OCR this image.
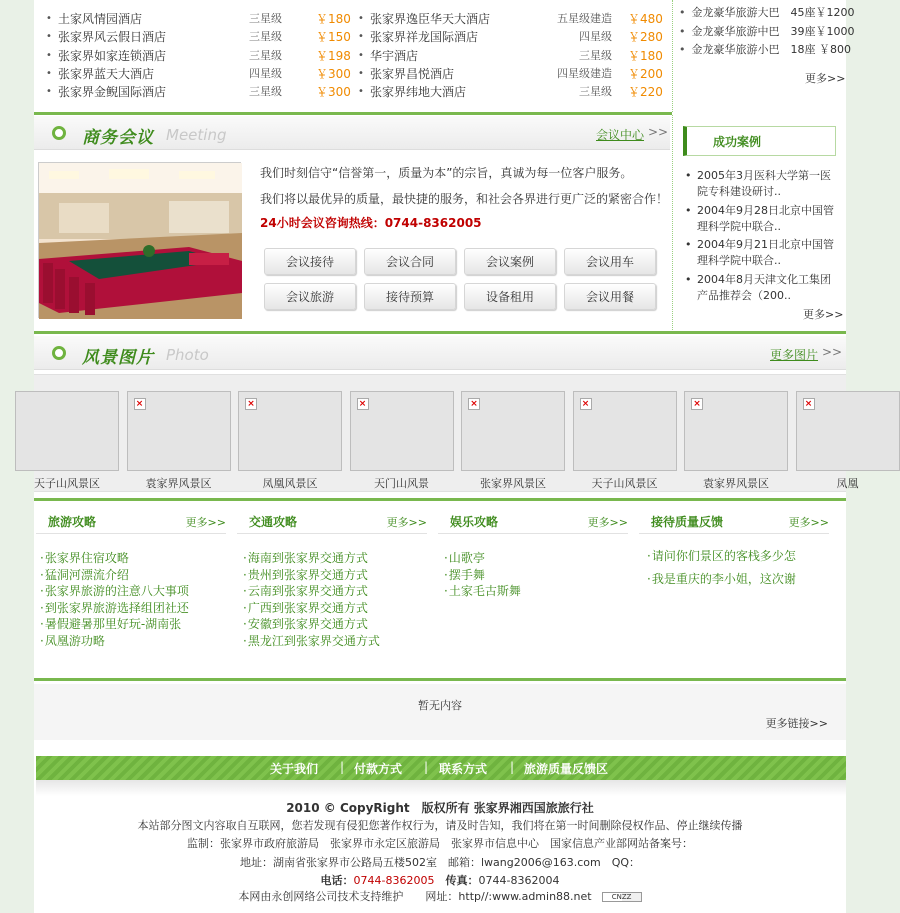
• 土家风情园酒店	三星级	￥180
• 张家界风云假日酒店	三星级	￥150
• 张家界如家连锁酒店	三星级	￥198
• 张家界蓝天大酒店	四星级	￥300
• 张家界金鲵国际酒店	三星级	￥300
• 张家界逸臣华天大酒店	五星级建造 ￥480
• 张家界祥龙国际酒店	四星级 ￥280
• 华宇酒店	三星级 ￥180
• 张家界昌悦酒店	四星级建造 ￥200
• 张家界纬地大酒店	三星级 ￥220
• 金龙豪华旅游大巴　45座￥1200
• 金龙豪华旅游中巴　39座￥1000
• 金龙豪华旅游小巴　18座 ￥800
更多>>
商务会议 Meeting	会议中心 >>
我们时刻信守“信誉第一，质量为本”的宗旨，真诚为每一位客户服务。
我们将以最优异的质量，最快捷的服务，和社会各界进行更广泛的紧密合作！
24小时会议咨询热线：0744-8362005
会议接待	会议合同	会议案例	会议用车
会议旅游	接待预算	设备租用	会议用餐
成功案例
• 2005年3月医科大学第一医院专科建设研讨..
• 2004年9月28日北京中国管理科学院中联合..
• 2004年9月21日北京中国管理科学院中联合..
• 2004年8月天津文化工集团产品推荐会（200..
更多>>
风景图片 Photo	更多图片 >>
天子山风景区
×
袁家界风景区
×
凤凰风景区
×
天门山风景
×
张家界风景区
×
天子山风景区
×
袁家界风景区
×
凤凰
旅游攻略	更多>>
· 张家界住宿攻略
· 猛洞河漂流介绍
· 张家界旅游的注意八大事项
· 到张家界旅游选择组团社还
· 暑假避暑那里好玩-湖南张
· 凤凰游功略
交通攻略	更多>>
· 海南到张家界交通方式
· 贵州到张家界交通方式
· 云南到张家界交通方式
· 广西到张家界交通方式
· 安徽到张家界交通方式
· 黑龙江到张家界交通方式
娱乐攻略	更多>>
· 山歌亭
· 摆手舞
· 土家毛古斯舞
接待质量反馈	更多>>
· 请问你们景区的客栈多少怎
· 我是重庆的李小姐，这次谢
暂无内容
更多链接>>
关于我们 | 付款方式 | 联系方式 | 旅游质量反馈区
2010 © CopyRight　版权所有 张家界湘西国旅旅行社
本站部分图文内容取自互联网，您若发现有侵犯您著作权行为，请及时告知，我们将在第一时间删除侵权作品、停止继续传播
监制：张家界市政府旅游局　张家界市永定区旅游局　张家界市信息中心　国家信息产业部网站备案号：
地址：湖南省张家界市公路局五楼502室　邮箱：lwang2006@163.com　QQ：
电话：0744-8362005　传真：0744-8362004
本网由永创网络公司技术支持维护　　网址：http//:www.admin88.net	CNZZ
